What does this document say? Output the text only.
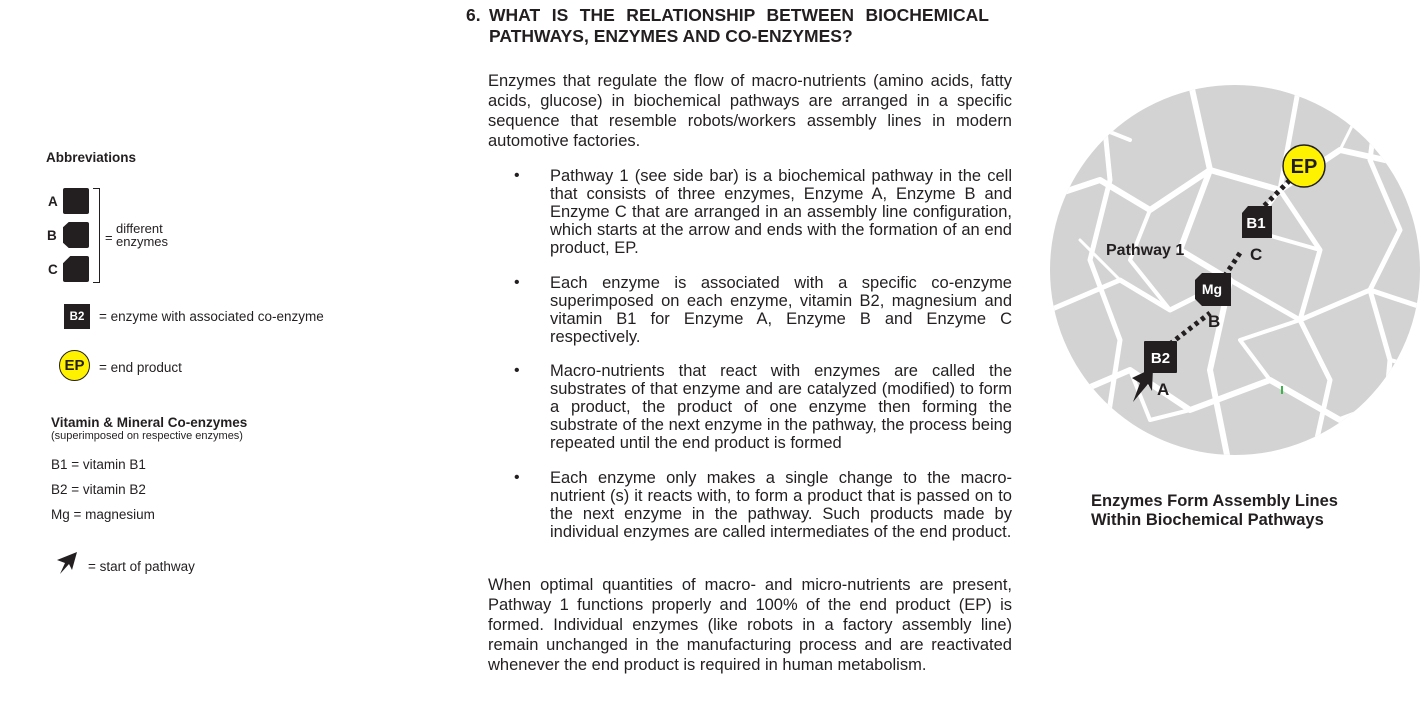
Abbreviations
A
B
C
=
different
enzymes
B2	= enzyme with associated co-enzyme
EP	= end product
Vitamin & Mineral Co-enzymes
(superimposed on respective enzymes)
B1 = vitamin B1
B2 = vitamin B2
Mg = magnesium
= start of pathway
6. WHAT IS THE RELATIONSHIP BETWEEN BIOCHEMICAL
PATHWAYS, ENZYMES AND CO-ENZYMES?
Enzymes that regulate the flow of macro-nutrients (amino acids, fatty acids, glucose) in biochemical pathways are arranged in a specific sequence that resemble robots/workers assembly lines in modern automotive factories.
• Pathway 1 (see side bar) is a biochemical pathway in the cell that consists of three enzymes, Enzyme A, Enzyme B and Enzyme C that are arranged in an assembly line configuration, which starts at the arrow and ends with the formation of an end product, EP.
• Each enzyme is associated with a specific co-enzyme superimposed on each enzyme, vitamin B2, magnesium and vitamin B1 for Enzyme A, Enzyme B and Enzyme C respectively.
• Macro-nutrients that react with enzymes are called the substrates of that enzyme and are catalyzed (modified) to form a product, the product of one enzyme then forming the substrate of the next enzyme in the pathway, the process being repeated until the end product is formed
• Each enzyme only makes a single change to the macro-nutrient (s) it reacts with, to form a product that is passed on to the next enzyme in the pathway. Such products made by individual enzymes are called intermediates of the end product.
When optimal quantities of macro- and micro-nutrients are present, Pathway 1 functions properly and 100% of the end product (EP) is formed. Individual enzymes (like robots in a factory assembly line) remain unchanged in the manufacturing process and are reactivated whenever the end product is required in human metabolism.
A
B2
Mg
B
B1
C
EP
Pathway 1
Enzymes Form Assembly Lines
Within Biochemical Pathways
